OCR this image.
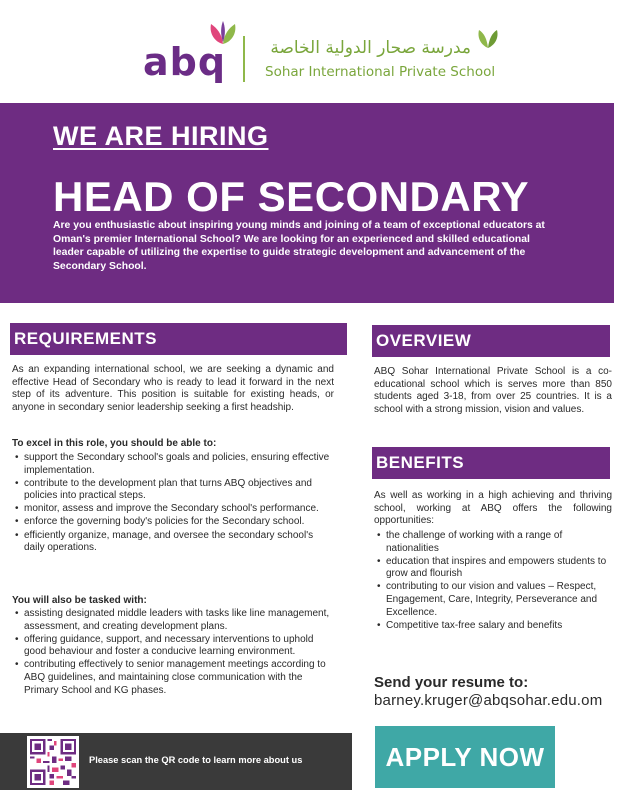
abq	مدرسة صحار الدولية الخاصة
Sohar International Private School
WE ARE HIRING
HEAD OF SECONDARY
Are you enthusiastic about inspiring young minds and joining of a team of exceptional educators at Oman's premier International School? We are looking for an experienced and skilled educational leader capable of utilizing the expertise to guide strategic development and advancement of the Secondary School.
REQUIREMENTS
As an expanding international school, we are seeking a dynamic and effective Head of Secondary who is ready to lead it forward in the next step of its adventure. This position is suitable for existing heads, or anyone in secondary senior leadership seeking a first headship.
To excel in this role, you should be able to:
• support the Secondary school's goals and policies, ensuring effective implementation.
• contribute to the development plan that turns ABQ objectives and policies into practical steps.
• monitor, assess and improve the Secondary school's performance.
• enforce the governing body's policies for the Secondary school.
• efficiently organize, manage, and oversee the secondary school's daily operations.
You will also be tasked with:
• assisting designated middle leaders with tasks like line management, assessment, and creating development plans.
• offering guidance, support, and necessary interventions to uphold good behaviour and foster a conducive learning environment.
• contributing effectively to senior management meetings according to ABQ guidelines, and maintaining close communication with the Primary School and KG phases.
OVERVIEW
ABQ Sohar International Private School is a co-educational school which is serves more than 850 students aged 3-18, from over 25 countries. It is a school with a strong mission, vision and values.
BENEFITS
As well as working in a high achieving and thriving school, working at ABQ offers the following opportunities:
• the challenge of working with a range of nationalities
• education that inspires and empowers students to grow and flourish
• contributing to our vision and values – Respect, Engagement, Care, Integrity, Perseverance and Excellence.
• Competitive tax-free salary and benefits
Send your resume to:
barney.kruger@abqsohar.edu.om
Please scan the QR code to learn more about us	APPLY NOW
